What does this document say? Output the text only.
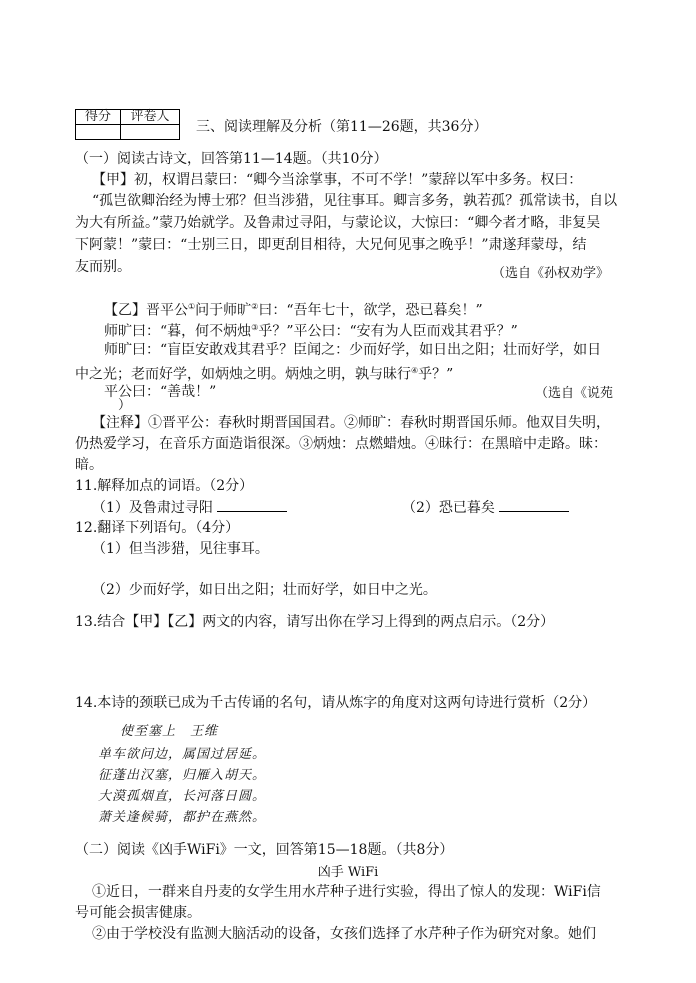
得分	评卷人

三、阅读理解及分析（第11—26题，共36分）
（一）阅读古诗文，回答第11—14题。（共10分）
【甲】初，权谓吕蒙曰：“卿今当涂掌事，不可不学！”蒙辞以军中多务。权曰：
“孤岂欲卿治经为博士邪？但当涉猎，见往事耳。卿言多务，孰若孤？孤常读书，自以
为大有所益。”蒙乃始就学。及鲁肃过寻阳，与蒙论议，大惊曰：“卿今者才略，非复吴
下阿蒙！”蒙曰：“士别三日，即更刮目相待，大兄何见事之晚乎！”肃遂拜蒙母，结
友而别。	（选自《孙权劝学》
【乙】晋平公①问于师旷②曰：“吾年七十，欲学，恐已暮矣！”
师旷曰：“暮，何不炳烛③乎？”平公曰：“安有为人臣而戏其君乎？”
师旷曰：“盲臣安敢戏其君乎？臣闻之：少而好学，如日出之阳；壮而好学，如日
中之光；老而好学，如炳烛之明。炳烛之明，孰与昧行④乎？”
平公曰：“善哉！”	（选自《说苑
）
【注释】①晋平公：春秋时期晋国国君。②师旷：春秋时期晋国乐师。他双目失明，
仍热爱学习，在音乐方面造诣很深。③炳烛：点燃蜡烛。④昧行：在黑暗中走路。昧：
暗。
11.解释加点的词语。（2分）
（1）及鲁肃过寻阳	（2）恐已暮矣
12.翻译下列语句。（4分）
（1）但当涉猎，见往事耳。
（2）少而好学，如日出之阳；壮而好学，如日中之光。
13.结合【甲】【乙】两文的内容，请写出你在学习上得到的两点启示。（2分）
14.本诗的颈联已成为千古传诵的名句，请从炼字的角度对这两句诗进行赏析（2分）
使至塞上　王维
单车欲问边，属国过居延。
征蓬出汉塞，归雁入胡天。
大漠孤烟直，长河落日圆。
萧关逢候骑，都护在燕然。
（二）阅读《凶手WiFi》一文，回答第15—18题。（共8分）
凶手 WiFi
①近日，一群来自丹麦的女学生用水芹种子进行实验，得出了惊人的发现：WiFi信
号可能会损害健康。
②由于学校没有监测大脑活动的设备，女孩们选择了水芹种子作为研究对象。她们
